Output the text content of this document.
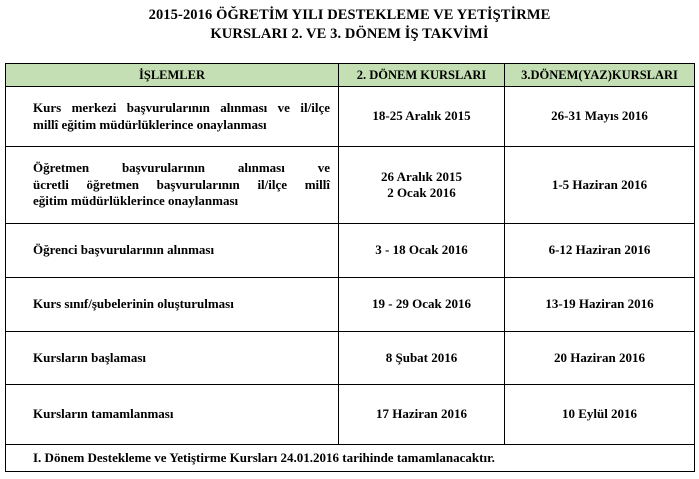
2015-2016 ÖĞRETİM YILI DESTEKLEME VE YETİŞTİRME
KURSLARI 2. VE 3. DÖNEM İŞ TAKVİMİ
İŞLEMLER	2. DÖNEM KURSLARI	3.DÖNEM(YAZ)KURSLARI

Kurs merkezi başvurularının alınması ve il/ilçe
millî eğitim müdürlüklerince onaylanması	18-25 Aralık 2015	26-31 Mayıs 2016

Öğretmen başvurularının alınması ve
ücretli öğretmen başvurularının il/ilçe millî
eğitim müdürlüklerince onaylanması	26 Aralık 2015
2 Ocak 2016	1-5 Haziran 2016

Öğrenci başvurularının alınması	3 - 18 Ocak 2016	6-12 Haziran 2016

Kurs sınıf/şubelerinin oluşturulması	19 - 29 Ocak 2016	13-19 Haziran 2016

Kursların başlaması	8 Şubat 2016	20 Haziran 2016

Kursların tamamlanması	17 Haziran 2016	10 Eylül 2016
I. Dönem Destekleme ve Yetiştirme Kursları 24.01.2016 tarihinde tamamlanacaktır.		
